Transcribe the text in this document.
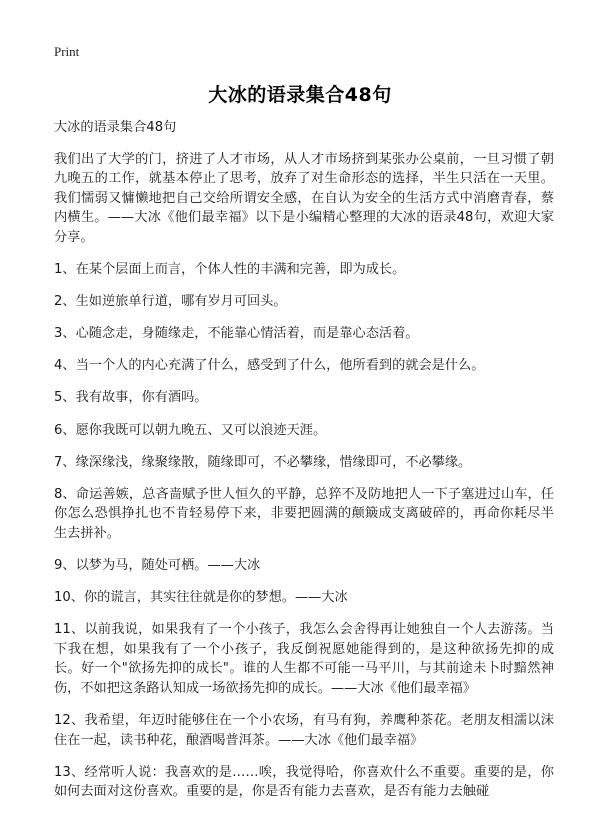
Print
大冰的语录集合48句

大冰的语录集合48句

我们出了大学的门，挤进了人才市场，从人才市场挤到某张办公桌前，一旦习惯了朝九晚五的工作，就基本停止了思考，放弃了对生命形态的选择，半生只活在一天里。我们懦弱又慵懒地把自己交给所谓安全感，在自认为安全的生活方式中消磨青春，蔡内横生。——大冰《他们最幸福》以下是小编精心整理的大冰的语录48句，欢迎大家分享。

1、在某个层面上而言，个体人性的丰满和完善，即为成长。

2、生如逆旅单行道，哪有岁月可回头。

3、心随念走，身随缘走，不能靠心情活着，而是靠心态活着。

4、当一个人的内心充满了什么，感受到了什么，他所看到的就会是什么。

5、我有故事，你有酒吗。

6、愿你我既可以朝九晚五、又可以浪迹天涯。

7、缘深缘浅，缘聚缘散，随缘即可，不必攀缘，惜缘即可，不必攀缘。

8、命运善嫉，总吝啬赋予世人恒久的平静，总猝不及防地把人一下子塞进过山车，任你怎么恐惧挣扎也不肯轻易停下来，非要把圆满的颠簸成支离破碎的，再命你耗尽半生去拼补。

9、以梦为马，随处可栖。——大冰

10、你的谎言，其实往往就是你的梦想。——大冰

11、以前我说，如果我有了一个小孩子，我怎么会舍得再让她独自一个人去游荡。当下我在想，如果我有了一个小孩子，我反倒祝愿她能得到的，是这种欲扬先抑的成长。好一个"欲扬先抑的成长"。谁的人生都不可能一马平川，与其前途未卜时黯然神伤，不如把这条路认知成一场欲扬先抑的成长。——大冰《他们最幸福》

12、我希望，年迈时能够住在一个小农场，有马有狗，养鹰种茶花。老朋友相濡以沫住在一起，读书种花，酿酒喝普洱茶。——大冰《他们最幸福》

13、经常听人说：我喜欢的是……唉，我觉得哈，你喜欢什么不重要。重要的是，你如何去面对这份喜欢。重要的是，你是否有能力去喜欢，是否有能力去触碰
